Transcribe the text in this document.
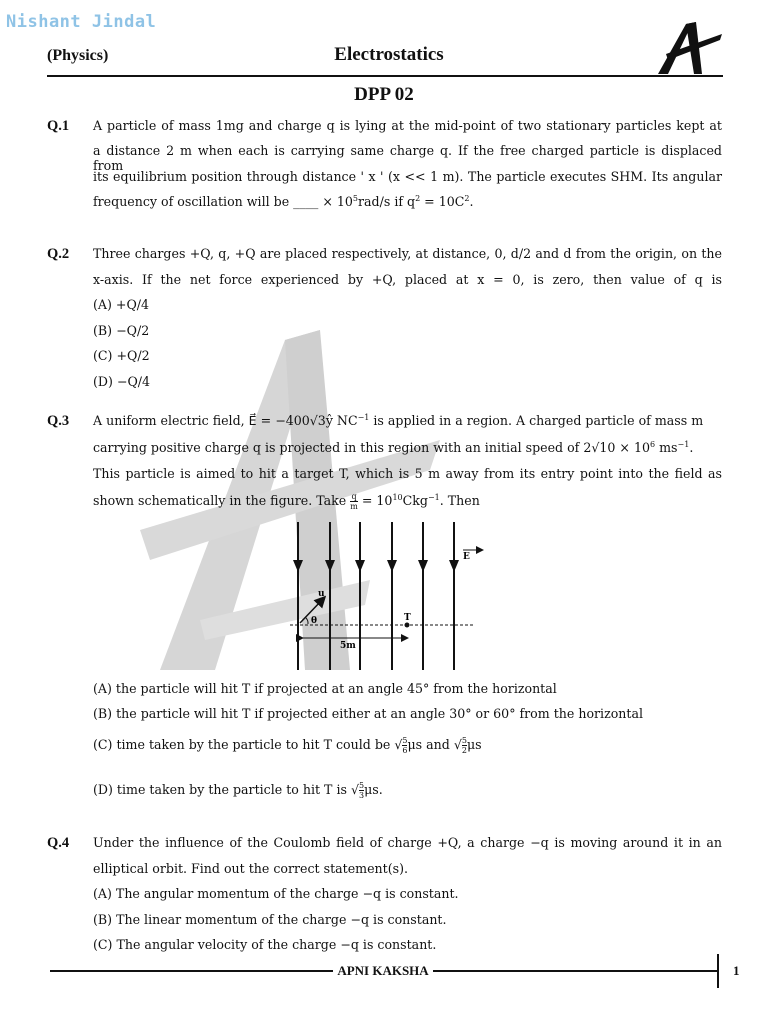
Nishant Jindal
(Physics)	Electrostatics
DPP 02
Q.1 A particle of mass 1mg and charge q is lying at the mid-point of two stationary particles kept at
a distance 2 m when each is carrying same charge q. If the free charged particle is displaced from
its equilibrium position through distance ' x ' (x << 1 m). The particle executes SHM. Its angular
frequency of oscillation will be ____ × $10^5rad/s$ if $q^2 = 10C^2$.
Q.2 Three charges +Q, q, +Q are placed respectively, at distance, 0, d/2 and d from the origin, on the
x-axis. If the net force experienced by +Q, placed at x = 0, is zero, then value of q is
(A) +Q/4
(B) −Q/2
(C) +Q/2
(D) −Q/4
Q.3 A uniform electric field, E⃗ = −400√3ŷ $NC^{-1}$ is applied in a region. A charged particle of mass m
carrying positive charge q is projected in this region with an initial speed of $2√10 \times 10^6$ $ms^{-1}$.
This particle is aimed to hit a target T, which is 5 m away from its entry point into the field as
shown schematically in the figure. Take $\frac{q}{m} = 10^{10}Ckg^{-1}$. Then
E
u
θ	T
5m
(A) the particle will hit T if projected at an angle 45° from the horizontal
(B) the particle will hit T if projected either at an angle 30° or 60° from the horizontal
(C) time taken by the particle to hit T could be √ $\frac{5}{6}$ μs and √ $\frac{5}{2}$ μs
(D) time taken by the particle to hit T is √ $\frac{5}{3} \mu s$.
Q.4 Under the influence of the Coulomb field of charge +Q, a charge −q is moving around it in an
elliptical orbit. Find out the correct statement(s).
(A) The angular momentum of the charge −q is constant.
(B) The linear momentum of the charge −q is constant.
(C) The angular velocity of the charge −q is constant.
APNI KAKSHA	1
